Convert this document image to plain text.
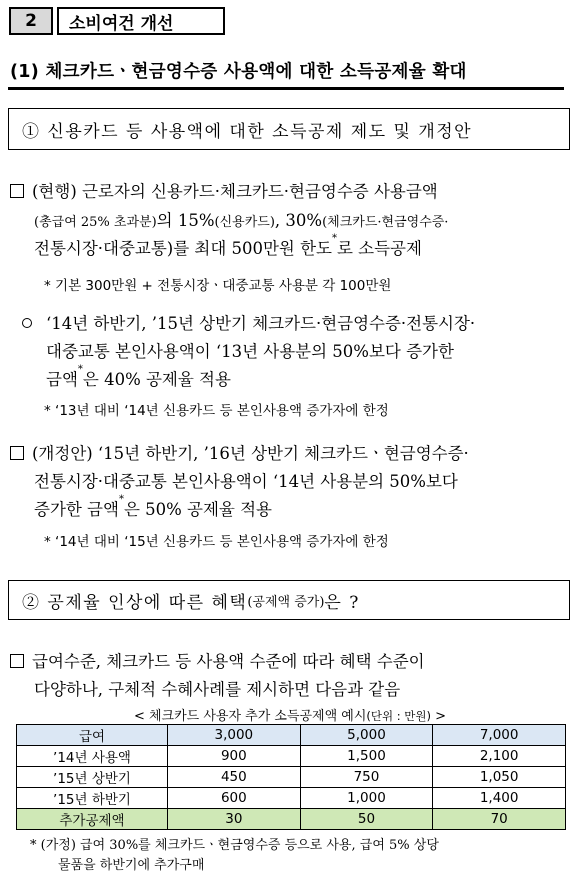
2	소비여건 개선
(1) 체크카드ㆍ현금영수증 사용액에 대한 소득공제율 확대
① 신용카드 등 사용액에 대한 소득공제 제도 및 개정안
(현행) 근로자의 신용카드·체크카드·현금영수증 사용금액
(총급여 25% 초과분)의 15%(신용카드), 30%(체크카드·현금영수증·
전통시장·대중교통)를 최대 500만원 한도*로 소득공제
* 기본 300만원 + 전통시장ㆍ대중교통 사용분 각 100만원
‘14년 하반기, ’15년 상반기 체크카드·현금영수증·전통시장·
대중교통 본인사용액이 ‘13년 사용분의 50%보다 증가한
금액*은 40% 공제율 적용
* ‘13년 대비 ‘14년 신용카드 등 본인사용액 증가자에 한정
(개정안) ‘15년 하반기, ’16년 상반기 체크카드ㆍ현금영수증·
전통시장·대중교통 본인사용액이 ‘14년 사용분의 50%보다
증가한 금액*은 50% 공제율 적용
* ‘14년 대비 ‘15년 신용카드 등 본인사용액 증가자에 한정
② 공제율 인상에 따른 혜택 (공제액 증가) 은 ?
급여수준, 체크카드 등 사용액 수준에 따라 혜택 수준이
다양하나, 구체적 수혜사례를 제시하면 다음과 같음
< 체크카드 사용자 추가 소득공제액 예시(단위 : 만원) >
급여	3,000	5,000	7,000
’14년 사용액	900	1,500	2,100
’15년 상반기	450	750	1,050
’15년 하반기	600	1,000	1,400
추가공제액	30	50	70
* (가정) 급여 30%를 체크카드ㆍ현금영수증 등으로 사용, 급여 5% 상당
물품을 하반기에 추가구매
